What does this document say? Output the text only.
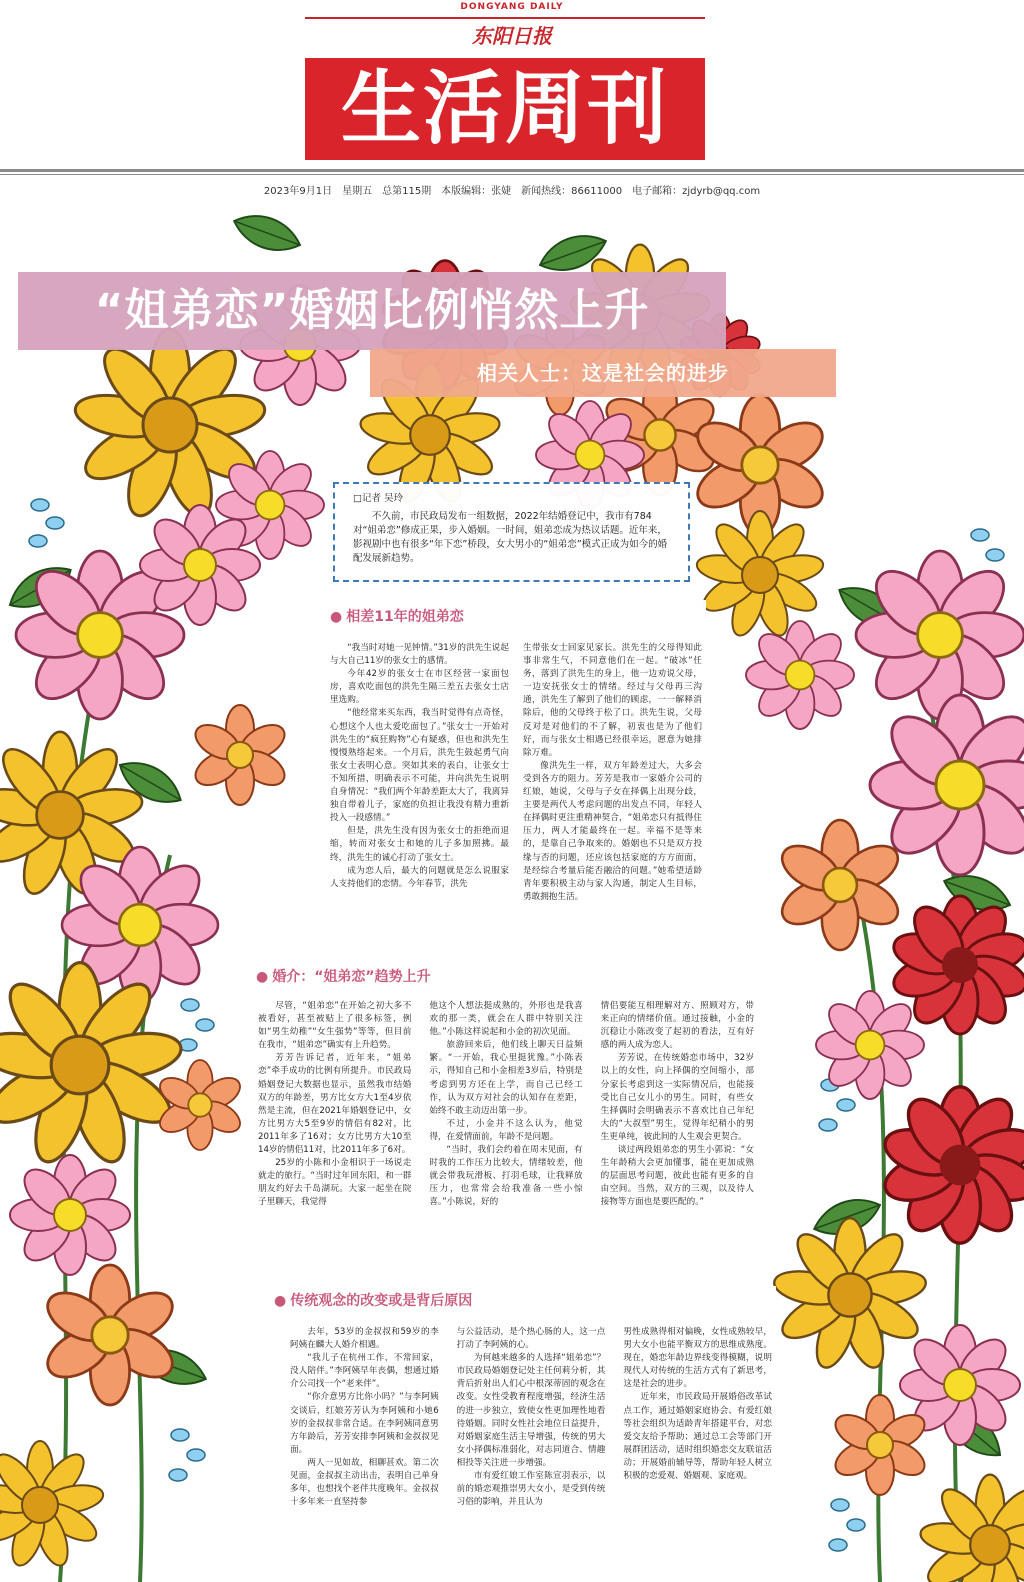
DONGYANG DAILY
东阳日报
生活周刊
2023年9月1日　星期五　总第115期　本版编辑：张婕　新闻热线：86611000　电子邮箱：zjdyrb@qq.com
“姐弟恋”婚姻比例悄然上升
相关人士：这是社会的进步
□记者 吴玲

不久前，市民政局发布一组数据，2022年结婚登记中，我市有784对“姐弟恋”修成正果，步入婚姻。一时间，姐弟恋成为热议话题。近年来，影视剧中也有很多“年下恋”桥段，女大男小的“姐弟恋”模式正成为如今的婚配发展新趋势。

● 相差11年的姐弟恋

“我当时对她一见钟情。”31岁的洪先生说起与大自己11岁的张女士的感情。

今年42岁的张女士在市区经营一家面包房，喜欢吃面包的洪先生隔三差五去张女士店里选购。

“他经常来买东西，我当时觉得有点奇怪，心想这个人也太爱吃面包了。”张女士一开始对洪先生的“疯狂购物”心有疑惑，但也和洪先生慢慢熟络起来。一个月后，洪先生鼓起勇气向张女士表明心意。突如其来的表白，让张女士不知所措，明确表示不可能，并向洪先生说明自身情况：“我们两个年龄差距太大了，我离异独自带着儿子，家庭的负担让我没有精力重新投入一段感情。”

但是，洪先生没有因为张女士的拒绝而退缩，转而对张女士和她的儿子多加照拂。最终，洪先生的诚心打动了张女士。

成为恋人后，最大的问题就是怎么说服家人支持他们的恋情。今年春节，洪先

生带张女士回家见家长。洪先生的父母得知此事非常生气，不同意他们在一起。“破冰”任务，落到了洪先生的身上，他一边劝说父母，一边安抚张女士的情绪。经过与父母再三沟通，洪先生了解到了他们的顾虑，一一解释消除后，他的父母终于松了口。洪先生说，父母反对是对他们的不了解，初衷也是为了他们好，而与张女士相遇已经很幸运，愿意为她排除万难。

像洪先生一样，双方年龄差过大，大多会受到各方的阻力。芳芳是我市一家婚介公司的红娘，她说，父母与子女在择偶上出现分歧，主要是两代人考虑问题的出发点不同，年轻人在择偶时更注重精神契合，“姐弟恋只有抵得住压力，两人才能最终在一起。幸福不是等来的，是靠自己争取来的。婚姻也不只是双方投缘与否的问题，还应该包括家庭的方方面面，是经综合考量后能否融洽的问题。”她希望适龄青年要积极主动与家人沟通，制定人生目标，勇敢拥抱生活。

● 婚介：“姐弟恋”趋势上升

尽管，“姐弟恋”在开始之初大多不被看好，甚至被贴上了很多标签，例如“男生幼稚”“女生强势”等等，但目前在我市，“姐弟恋”确实有上升趋势。

芳芳告诉记者，近年来，“姐弟恋”牵手成功的比例有所提升。市民政局婚姻登记大数据也显示，虽然我市结婚双方的年龄差，男方比女方大1至4岁依然是主流，但在2021年婚姻登记中，女方比男方大5至9岁的情侣有82对，比2011年多了16对；女方比男方大10至14岁的情侣11对，比2011年多了6对。

25岁的小陈和小金相识于一场说走就走的旅行。“当时过年回东阳，和一群朋友约好去千岛湖玩。大家一起坐在院子里聊天，我觉得

他这个人想法挺成熟的，外形也是我喜欢的那一类，就会在人群中特别关注他。”小陈这样说起和小金的初次见面。

旅游回来后，他们线上聊天日益频繁。“一开始，我心里挺犹豫。”小陈表示，得知自己和小金相差3岁后，特别是考虑到男方还在上学，而自己已经工作，认为双方对社会的认知存在差距，始终不敢主动迈出第一步。

不过，小金并不这么认为，他觉得，在爱情面前，年龄不是问题。

“当时，我们会约着在周末见面，有时我的工作压力比较大，情绪较差，他就会带我玩滑板、打羽毛球，让我释放压力，也常常会给我准备一些小惊喜。”小陈说，好的

情侣要能互相理解对方、照顾对方，带来正向的情绪价值。通过接触，小金的沉稳让小陈改变了起初的看法，互有好感的两人成为恋人。

芳芳说，在传统婚恋市场中，32岁以上的女性，向上择偶的空间缩小，部分家长考虑到这一实际情况后，也能接受比自己女儿小的男生。同时，有些女生择偶时会明确表示不喜欢比自己年纪大的“大叔型”男生，觉得年纪稍小的男生更单纯，彼此间的人生观会更契合。

谈过两段姐弟恋的男生小郭说：“女生年龄稍大会更加懂事，能在更加成熟的层面思考问题，彼此也能有更多的自由空间。当然，双方的三观，以及待人接物等方面也是要匹配的。”

● 传统观念的改变或是背后原因

去年，53岁的金叔叔和59岁的李阿姨在麟大人婚介相遇。

“我儿子在杭州工作，不常回家，没人陪伴。”李阿姨早年丧偶，想通过婚介公司找一个“老来伴”。

“你介意男方比你小吗？”与李阿姨交谈后，红娘芳芳认为李阿姨和小她6岁的金叔叔非常合适。在李阿姨同意男方年龄后，芳芳安排李阿姨和金叔叔见面。

两人一见如故，相聊甚欢。第二次见面，金叔叔主动出击，表明自己单身多年，也想找个老伴共度晚年。金叔叔十多年来一直坚持参

与公益活动，是个热心肠的人，这一点打动了李阿姨的心。

为何越来越多的人选择“姐弟恋”？市民政局婚姻登记处主任何莉分析，其背后折射出人们心中根深蒂固的观念在改变。女性受教育程度增强，经济生活的进一步独立，致使女性更加理性地看待婚姻。同时女性社会地位日益提升，对婚姻家庭生活主导增强，传统的男大女小择偶标准弱化，对志同道合、情趣相投等关注进一步增强。

市有爱红娘工作室陈宣羽表示，以前的婚恋观推崇男大女小，是受到传统习俗的影响，并且认为

男性成熟得相对偏晚，女性成熟较早，男大女小也能平衡双方的思维成熟度。现在，婚恋年龄边界线变得模糊，说明现代人对传统的生活方式有了新思考，这是社会的进步。

近年来，市民政局开展婚俗改革试点工作，通过婚姻家庭协会、有爱红娘等社会组织为适龄青年搭建平台，对恋爱交友给予帮助；通过总工会等部门开展群团活动，适时组织婚恋交友联谊活动；开展婚前辅导等，帮助年轻人树立积极的恋爱观、婚姻观、家庭观。
